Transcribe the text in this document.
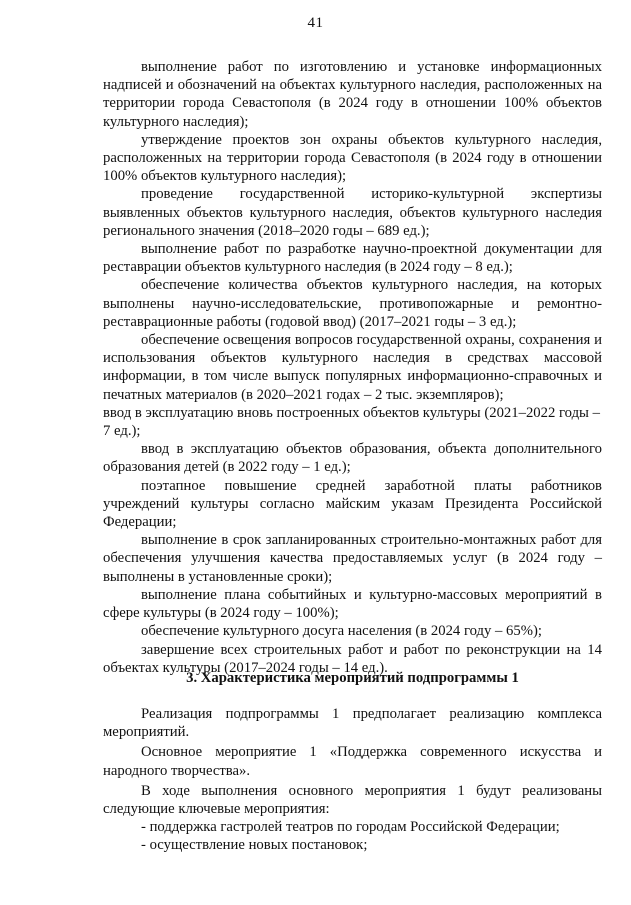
41

выполнение работ по изготовлению и установке информационных надписей и обозначений на объектах культурного наследия, расположенных на территории города Севастополя (в 2024 году в отношении 100% объектов культурного наследия);

утверждение проектов зон охраны объектов культурного наследия, расположенных на территории города Севастополя (в 2024 году в отношении 100% объектов культурного наследия);

проведение государственной историко-культурной экспертизы выявленных объектов культурного наследия, объектов культурного наследия регионального значения (2018–2020 годы – 689 ед.);

выполнение работ по разработке научно-проектной документации для реставрации объектов культурного наследия (в 2024 году – 8 ед.);

обеспечение количества объектов культурного наследия, на которых выполнены научно-исследовательские, противопожарные и ремонтно-реставрационные работы (годовой ввод) (2017–2021 годы – 3 ед.);

обеспечение освещения вопросов государственной охраны, сохранения и использования объектов культурного наследия в средствах массовой информации, в том числе выпуск популярных информационно-справочных и печатных материалов (в 2020–2021 годах – 2 тыс. экземпляров);

ввод в эксплуатацию вновь построенных объектов культуры (2021–2022 годы – 7 ед.);

ввод в эксплуатацию объектов образования, объекта дополнительного образования детей (в 2022 году – 1 ед.);

поэтапное повышение средней заработной платы работников учреждений культуры согласно майским указам Президента Российской Федерации;

выполнение в срок запланированных строительно-монтажных работ для обеспечения улучшения качества предоставляемых услуг (в 2024 году – выполнены в установленные сроки);

выполнение плана событийных и культурно-массовых мероприятий в сфере культуры (в 2024 году – 100%);

обеспечение культурного досуга населения (в 2024 году – 65%);

завершение всех строительных работ и работ по реконструкции на 14 объектах культуры (2017–2024 годы – 14 ед.).

3. Характеристика мероприятий подпрограммы 1

Реализация подпрограммы 1 предполагает реализацию комплекса мероприятий.

Основное мероприятие 1 «Поддержка современного искусства и народного творчества».

В ходе выполнения основного мероприятия 1 будут реализованы следующие ключевые мероприятия:

- поддержка гастролей театров по городам Российской Федерации;

- осуществление новых постановок;
